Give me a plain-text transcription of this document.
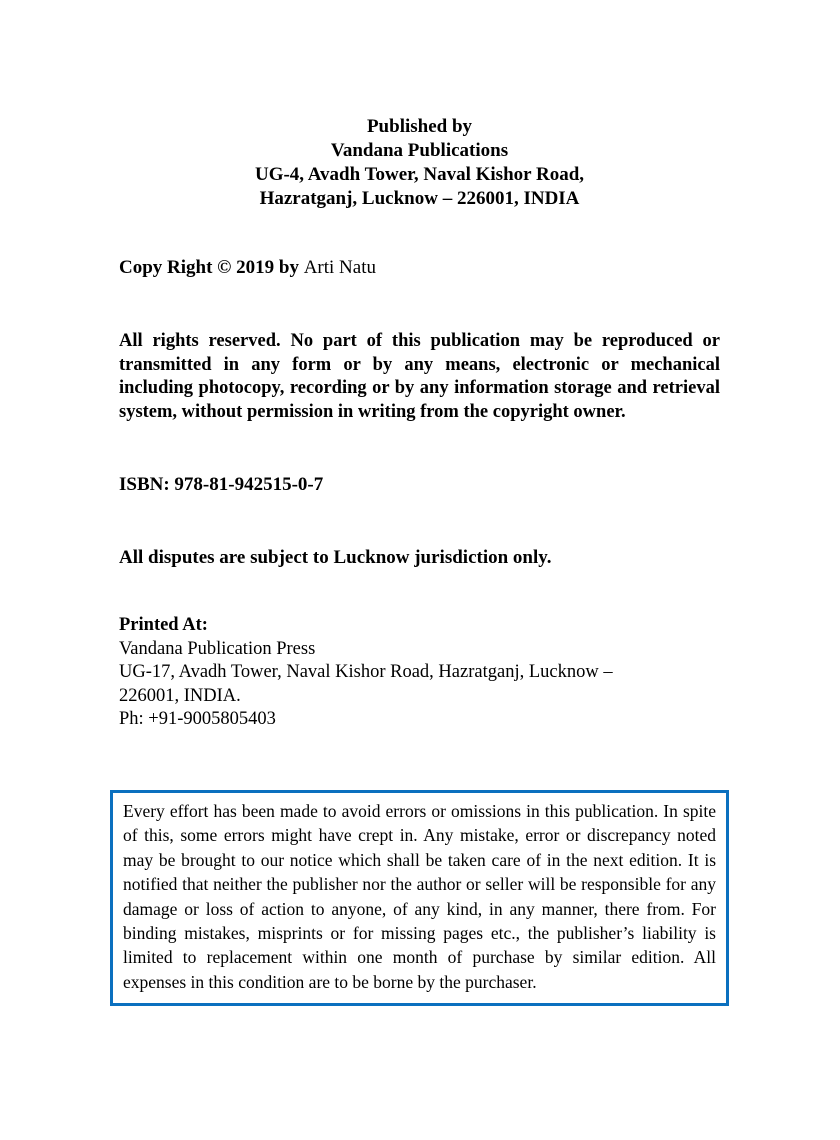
Published by
Vandana Publications
UG-4, Avadh Tower, Naval Kishor Road,
Hazratganj, Lucknow – 226001, INDIA
Copy Right © 2019 by Arti Natu
All rights reserved. No part of this publication may be reproduced or transmitted in any form or by any means, electronic or mechanical including photocopy, recording or by any information storage and retrieval system, without permission in writing from the copyright owner.
ISBN: 978-81-942515-0-7
All disputes are subject to Lucknow jurisdiction only.
Printed At:
Vandana Publication Press
UG-17, Avadh Tower, Naval Kishor Road, Hazratganj, Lucknow –
226001, INDIA.
Ph: +91-9005805403
Every effort has been made to avoid errors or omissions in this publication. In spite of this, some errors might have crept in. Any mistake, error or discrepancy noted may be brought to our notice which shall be taken care of in the next edition. It is notified that neither the publisher nor the author or seller will be responsible for any damage or loss of action to anyone, of any kind, in any manner, there from. For binding mistakes, misprints or for missing pages etc., the publisher’s liability is limited to replacement within one month of purchase by similar edition. All expenses in this condition are to be borne by the purchaser.
